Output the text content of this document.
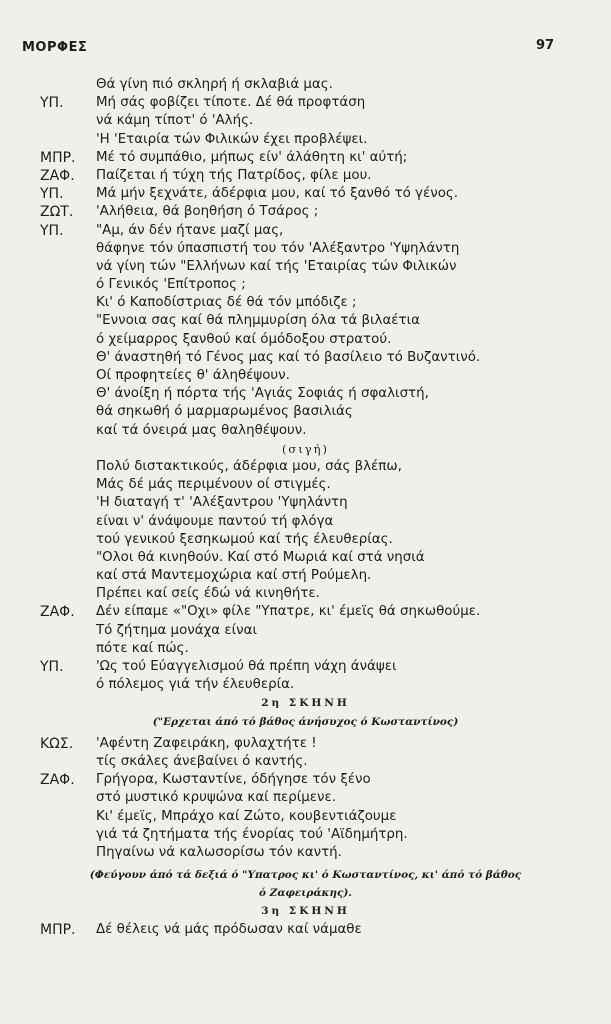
ΜΟΡΦΕΣ	97
Θά γίνη πιό σκληρή ή σκλαβιά μας.
ΥΠ.	Μή σάς φοβίζει τίποτε. Δέ θά προφτάση
νά κάμη τίποτ' ό 'Αλής.
'Η 'Εταιρία τών Φιλικών έχει προβλέψει.
ΜΠΡ.	Μέ τό συμπάθιο, μήπως είν' άλάθητη κι' αύτή;
ΖΑΦ.	Παίζεται ή τύχη τής Πατρίδος, φίλε μου.
ΥΠ.	Μά μήν ξεχνάτε, άδέρφια μου, καί τό ξανθό τό γένος.
ΖΩΤ.	'Αλήθεια, θά βοηθήση ό Τσάρος ;
ΥΠ.	"Αμ, άν δέν ήτανε μαζί μας,
θάφηνε τόν ύπασπιστή του τόν 'Αλέξαντρο 'Υψηλάντη
νά γίνη τών "Ελλήνων καί τής 'Εταιρίας τών Φιλικών
ό Γενικός 'Επίτροπος ;
Κι' ό Καποδίστριας δέ θά τόν μπόδιζε ;
"Εννοια σας καί θά πλημμυρίση όλα τά βιλαέτια
ό χείμαρρος ξανθού καί όμόδοξου στρατού.
Θ' άναστηθή τό Γένος μας καί τό βασίλειο τό Βυζαντινό.
Οί προφητείες θ' άληθέψουν.
Θ' άνοίξη ή πόρτα τής 'Αγιάς Σοφιάς ή σφαλιστή,
θά σηκωθή ό μαρμαρωμένος βασιλιάς
καί τά όνειρά μας θαληθέψουν.
(σιγή)
Πολύ διστακτικούς, άδέρφια μου, σάς βλέπω,
Μάς δέ μάς περιμένουν οί στιγμές.
'Η διαταγή τ' 'Αλέξαντρου 'Υψηλάντη
είναι ν' άνάψουμε παντού τή φλόγα
τού γενικού ξεσηκωμού καί τής έλευθερίας.
"Ολοι θά κινηθούν. Καί στό Μωριά καί στά νησιά
καί στά Μαντεμοχώρια καί στή Ρούμελη.
Πρέπει καί σείς έδώ νά κινηθήτε.
ΖΑΦ.	Δέν είπαμε «"Οχι» φίλε "Υπατρε, κι' έμεϊς θά σηκωθούμε.
Τό ζήτημα μονάχα είναι
πότε καί πώς.
ΥΠ.	'Ως τού Εύαγγελισμού θά πρέπη νάχη άνάψει
ό πόλεμος γιά τήν έλευθερία.
2η ΣΚΗΝΗ
("Ερχεται άπό τό βάθος άνήσυχος ό Κωσταντίνος)
ΚΩΣ.	'Αφέντη Ζαφειράκη, φυλαχτήτε !
τίς σκάλες άνεβαίνει ό καντής.
ΖΑΦ.	Γρήγορα, Κωσταντίνε, όδήγησε τόν ξένο
στό μυστικό κρυψώνα καί περίμενε.
Κι' έμεϊς, Μπράχο καί Ζώτο, κουβεντιάζουμε
γιά τά ζητήματα τής ένορίας τού 'Αϊδημήτρη.
Πηγαίνω νά καλωσορίσω τόν καντή.
(Φεύγουν άπό τά δεξιά ό "Υπατρος κι' ό Κωσταντίνος, κι' άπό τό βάθος
ό Ζαφειράκης).
3η ΣΚΗΝΗ
ΜΠΡ.	Δέ θέλεις νά μάς πρόδωσαν καί νάμαθε
